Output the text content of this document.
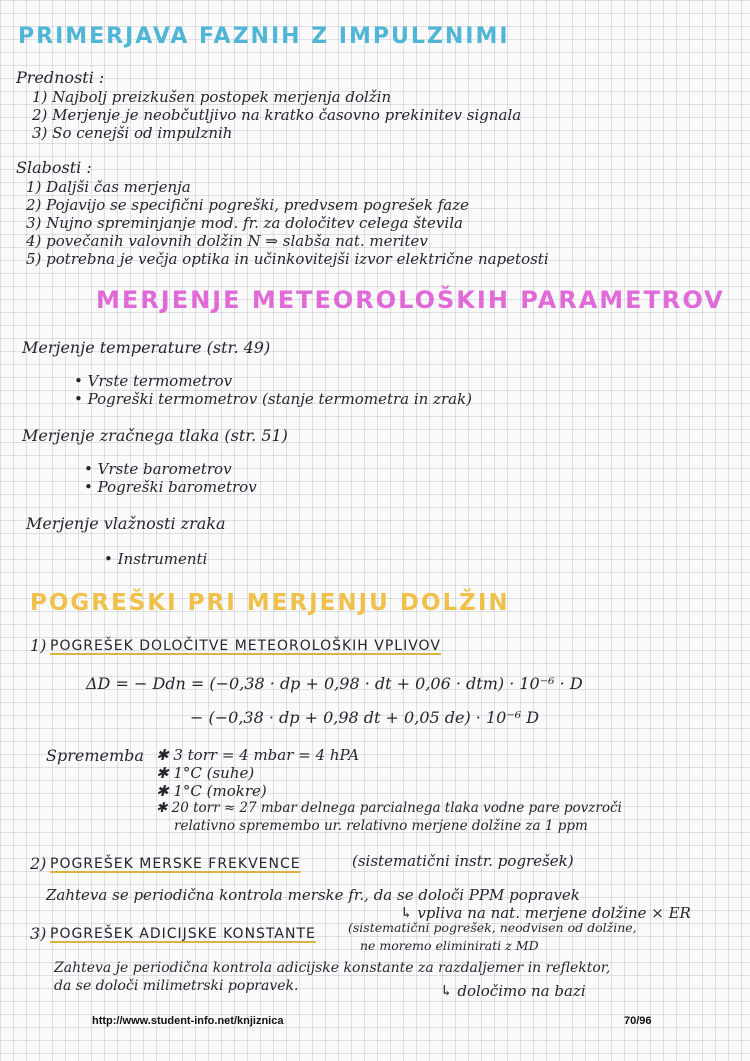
PRIMERJAVA FAZNIH Z IMPULZNIMI
Prednosti :
1) Najbolj preizkušen postopek merjenja dolžin
2) Merjenje je neobčutljivo na kratko časovno prekinitev signala
3) So cenejši od impulznih
Slabosti :
1) Daljši čas merjenja
2) Pojavijo se specifični pogreški, predvsem pogrešek faze
3) Nujno spreminjanje mod. fr. za določitev celega števila
4) povečanih valovnih dolžin N ⇒ slabša nat. meritev
5) potrebna je večja optika in učinkovitejši izvor električne napetosti
MERJENJE METEOROLOŠKIH PARAMETROV
Merjenje temperature (str. 49)
• Vrste termometrov
• Pogreški termometrov (stanje termometra in zrak)
Merjenje zračnega tlaka (str. 51)
• Vrste barometrov
• Pogreški barometrov
Merjenje vlažnosti zraka
• Instrumenti
POGREŠKI PRI MERJENJU DOLŽIN
1) POGREŠEK DOLOČITVE METEOROLOŠKIH VPLIVOV
ΔD = − Ddn = (−0,38 · dp + 0,98 · dt + 0,06 · dtm) · 10⁻⁶ · D
− (−0,38 · dp + 0,98 dt + 0,05 de) · 10⁻⁶ D
Sprememba ✱ 3 torr = 4 mbar = 4 hPA
✱ 1°C (suhe)
✱ 1°C (mokre)
✱ 20 torr ≈ 27 mbar delnega parcialnega tlaka vodne pare povzroči
relativno spremembo ur. relativno merjene dolžine za 1 ppm
2) POGREŠEK MERSKE FREKVENCE	(sistematični instr. pogrešek)
Zahteva se periodična kontrola merske fr., da se določi PPM popravek
↳ vpliva na nat. merjene dolžine × ER
3) POGREŠEK ADICIJSKE KONSTANTE	(sistematični pogrešek, neodvisen od dolžine,
ne moremo eliminirati z MD
Zahteva je periodična kontrola adicijske konstante za razdaljemer in reflektor,
da se določi milimetrski popravek.	↳ določimo na bazi
http://www.student-info.net/knjiznica	70/96
